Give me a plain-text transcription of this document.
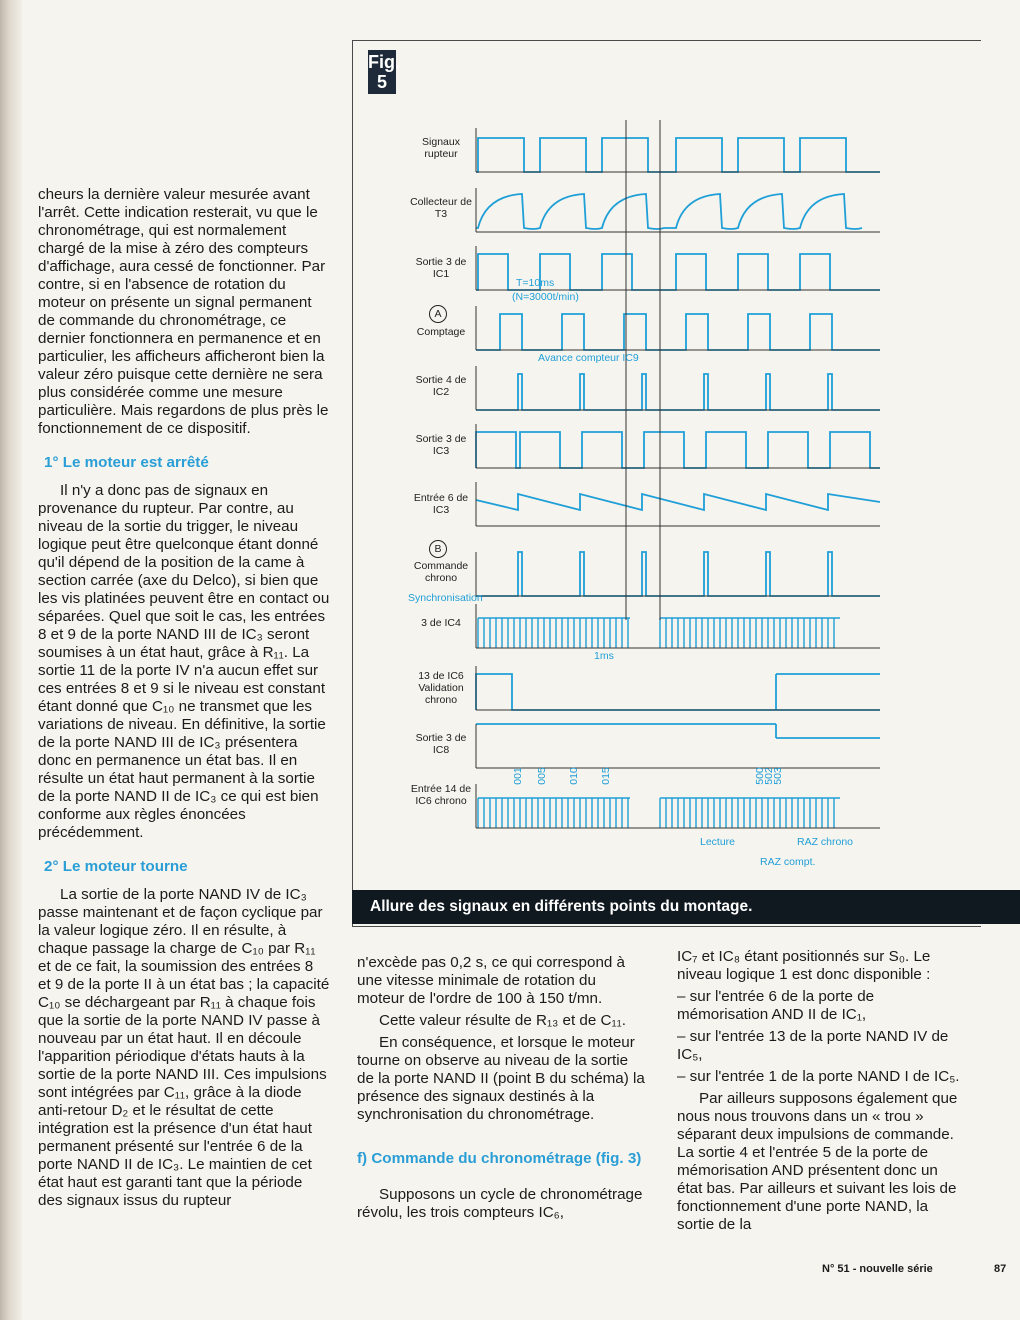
Fig. 5
Signaux rupteur
Collecteur de T3
Sortie 3 de IC1
Comptage
Sortie 4 de IC2
Sortie 3 de IC3
Entrée 6 de IC3
Commande chrono
3 de IC4
13 de IC6 Validation chrono
Sortie 3 de IC8
Entrée 14 de IC6 chrono
A
B
T=10ms
(N=3000t/min)
Avance compteur IC9
Synchronisation
1ms
Lecture	RAZ chrono
RAZ compt.
001 005 010 015	500
502
503
Allure des signaux en différents points du montage.

cheurs la dernière valeur mesurée avant l'arrêt. Cette indication resterait, vu que le chronométrage, qui est normalement chargé de la mise à zéro des compteurs d'affichage, aura cessé de fonctionner. Par contre, si en l'absence de rotation du moteur on présente un signal permanent de commande du chronométrage, ce dernier fonctionnera en permanence et en particulier, les afficheurs afficheront bien la valeur zéro puisque cette dernière ne sera plus considérée comme une mesure particulière. Mais regardons de plus près le fonctionnement de ce dispositif.

1° Le moteur est arrêté

Il n'y a donc pas de signaux en provenance du rupteur. Par contre, au niveau de la sortie du trigger, le niveau logique peut être quelconque étant donné qu'il dépend de la position de la came à section carrée (axe du Delco), si bien que les vis platinées peuvent être en contact ou séparées. Quel que soit le cas, les entrées 8 et 9 de la porte NAND III de IC₃ seront soumises à un état haut, grâce à R₁₁. La sortie 11 de la porte IV n'a aucun effet sur ces entrées 8 et 9 si le niveau est constant étant donné que C₁₀ ne transmet que les variations de niveau. En définitive, la sortie de la porte NAND III de IC₃ présentera donc en permanence un état bas. Il en résulte un état haut permanent à la sortie de la porte NAND II de IC₃ ce qui est bien conforme aux règles énoncées précédemment.

2° Le moteur tourne

La sortie de la porte NAND IV de IC₃ passe maintenant et de façon cyclique par la valeur logique zéro. Il en résulte, à chaque passage la charge de C₁₀ par R₁₁ et de ce fait, la soumission des entrées 8 et 9 de la porte II à un état bas ; la capacité C₁₀ se déchargeant par R₁₁ à chaque fois que la sortie de la porte NAND IV passe à nouveau par un état haut. Il en découle l'apparition périodique d'états hauts à la sortie de la porte NAND III. Ces impulsions sont intégrées par C₁₁, grâce à la diode anti-retour D₂ et le résultat de cette intégration est la présence d'un état haut permanent présenté sur l'entrée 6 de la porte NAND II de IC₃. Le maintien de cet état haut est garanti tant que la période des signaux issus du rupteur

n'excède pas 0,2 s, ce qui correspond à une vitesse minimale de rotation du moteur de l'ordre de 100 à 150 t/mn.

Cette valeur résulte de R₁₃ et de C₁₁.

En conséquence, et lorsque le moteur tourne on observe au niveau de la sortie de la porte NAND II (point B du schéma) la présence des signaux destinés à la synchronisation du chronométrage.

f) Commande du chronométrage (fig. 3)

Supposons un cycle de chronométrage révolu, les trois compteurs IC₆,

IC₇ et IC₈ étant positionnés sur S₀. Le niveau logique 1 est donc disponible :

– sur l'entrée 6 de la porte de mémorisation AND II de IC₁,

– sur l'entrée 13 de la porte NAND IV de IC₅,

– sur l'entrée 1 de la porte NAND I de IC₅.

Par ailleurs supposons également que nous nous trouvons dans un « trou » séparant deux impulsions de commande. La sortie 4 et l'entrée 5 de la porte de mémorisation AND présentent donc un état bas. Par ailleurs et suivant les lois de fonctionnement d'une porte NAND, la sortie de la

N° 51 - nouvelle série	87
